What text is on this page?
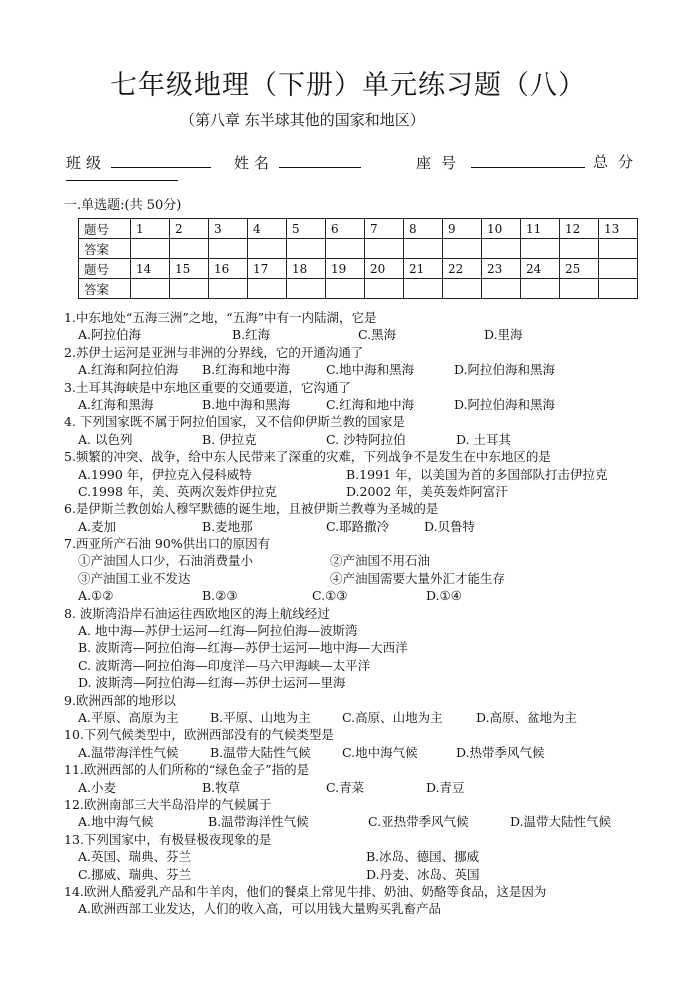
七年级地理（下册）单元练习题（八）
（第八章 东半球其他的国家和地区）
班级	姓名	座号	总分
一.单选题:(共 50分)
题号	1	2	3	4	5	6	7	8	9	10	11	12	13
答案													
题号	14	15	16	17	18	19	20	21	22	23	24	25	
答案													
1.中东地处“五海三洲”之地，“五海”中有一内陆湖，它是
A.阿拉伯海	B.红海	C.黑海	D.里海
2.苏伊士运河是亚洲与非洲的分界线，它的开通沟通了
A.红海和阿拉伯海 B.红海和地中海	C.地中海和黑海	D.阿拉伯海和黑海
3.土耳其海峡是中东地区重要的交通要道，它沟通了
A.红海和黑海	B.地中海和黑海	C.红海和地中海	D.阿拉伯海和黑海
4. 下列国家既不属于阿拉伯国家，又不信仰伊斯兰教的国家是
A. 以色列	B. 伊拉克	C. 沙特阿拉伯	D. 土耳其
5.频繁的冲突、战争，给中东人民带来了深重的灾难，下列战争不是发生在中东地区的是
A.1990 年，伊拉克入侵科威特	B.1991 年，以美国为首的多国部队打击伊拉克
C.1998 年，美、英两次轰炸伊拉克	D.2002 年，美英轰炸阿富汗
6.是伊斯兰教创始人穆罕默德的诞生地，且被伊斯兰教尊为圣城的是
A.麦加	B.麦地那	C.耶路撒冷	D.贝鲁特
7.西亚所产石油 90%供出口的原因有
①产油国人口少，石油消费量小	②产油国不用石油
③产油国工业不发达	④产油国需要大量外汇才能生存
A.①②	B.②③	C.①③	D.①④
8. 波斯湾沿岸石油运往西欧地区的海上航线经过
A. 地中海—苏伊士运河—红海—阿拉伯海—波斯湾
B. 波斯湾—阿拉伯海—红海—苏伊士运河—地中海—大西洋
C. 波斯湾—阿拉伯海—印度洋—马六甲海峡—太平洋
D. 波斯湾—阿拉伯海—红海—苏伊士运河—里海
9.欧洲西部的地形以
A.平原、高原为主	B.平原、山地为主	C.高原、山地为主	D.高原、盆地为主
10.下列气候类型中，欧洲西部没有的气候类型是
A.温带海洋性气候	B.温带大陆性气候	C.地中海气候	D.热带季风气候
11.欧洲西部的人们所称的“绿色金子”指的是
A.小麦	B.牧草	C.青菜	D.青豆
12.欧洲南部三大半岛沿岸的气候属于
A.地中海气候	B.温带海洋性气候	C.亚热带季风气候	D.温带大陆性气候
13.下列国家中，有极昼极夜现象的是
A.英国、瑞典、芬兰	B.冰岛、德国、挪威
C.挪威、瑞典、芬兰	D.丹麦、冰岛、英国
14.欧洲人酷爱乳产品和牛羊肉，他们的餐桌上常见牛排、奶油、奶酪等食品，这是因为
A.欧洲西部工业发达，人们的收入高，可以用钱大量购买乳畜产品
